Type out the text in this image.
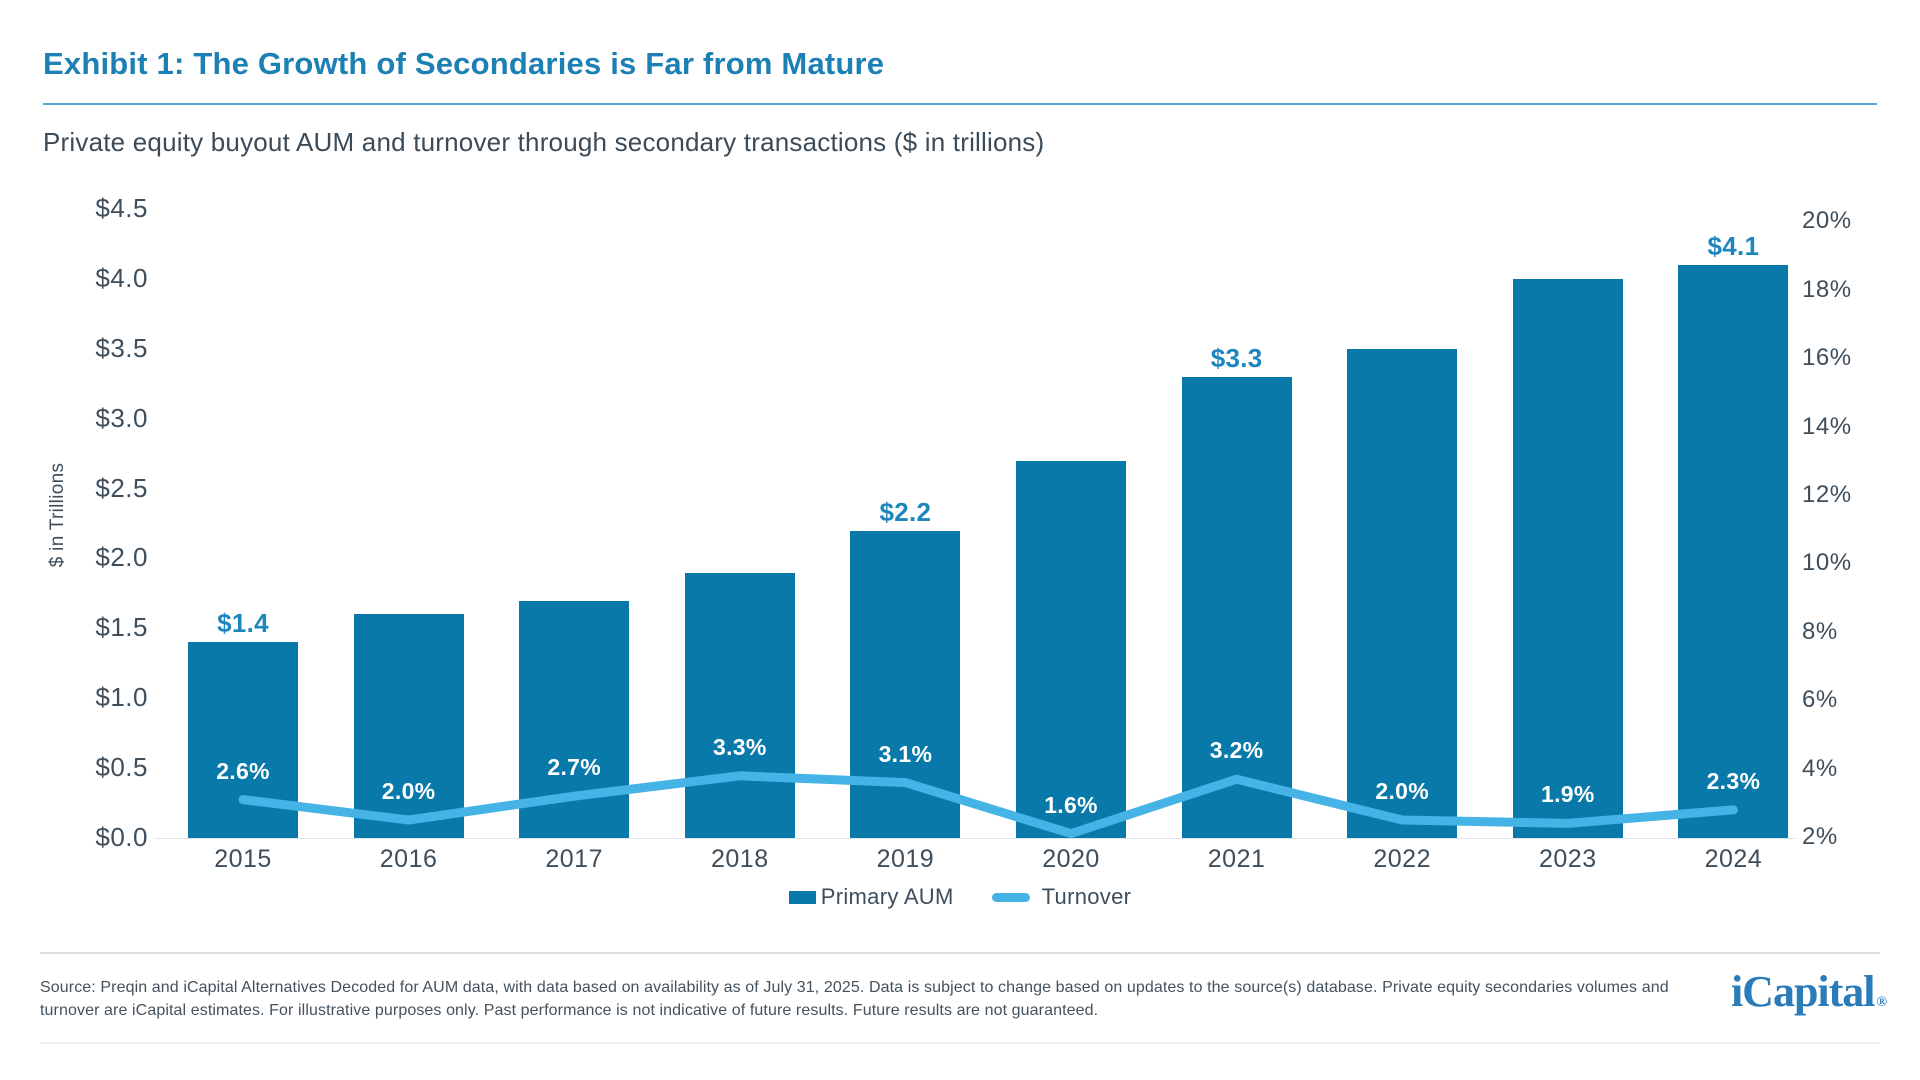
Exhibit 1: The Growth of Secondaries is Far from Mature
Private equity buyout AUM and turnover through secondary transactions ($ in trillions)
$0.0
$0.5
$1.0
$1.5
$2.0
$2.5
$3.0
$3.5
$4.0
$4.5
2%
4%
6%
8%
10%
12%
14%
16%
18%
20%
2015
$1.4
2016	2017	2018	2019
$2.2
2020	2021
$3.3
2022	2023	2024
$4.1
2.6%
2.0%
2.7%
3.3%	3.1%
1.6%
3.2%
2.0%	1.9%
2.3%
$ in Trillions
Primary AUM	Turnover

Source: Preqin and iCapital Alternatives Decoded for AUM data, with data based on availability as of July 31, 2025. Data is subject to change based on updates to the source(s) database. Private equity secondaries volumes and turnover are iCapital estimates. For illustrative purposes only. Past performance is not indicative of future results. Future results are not guaranteed.	iCapital ®
